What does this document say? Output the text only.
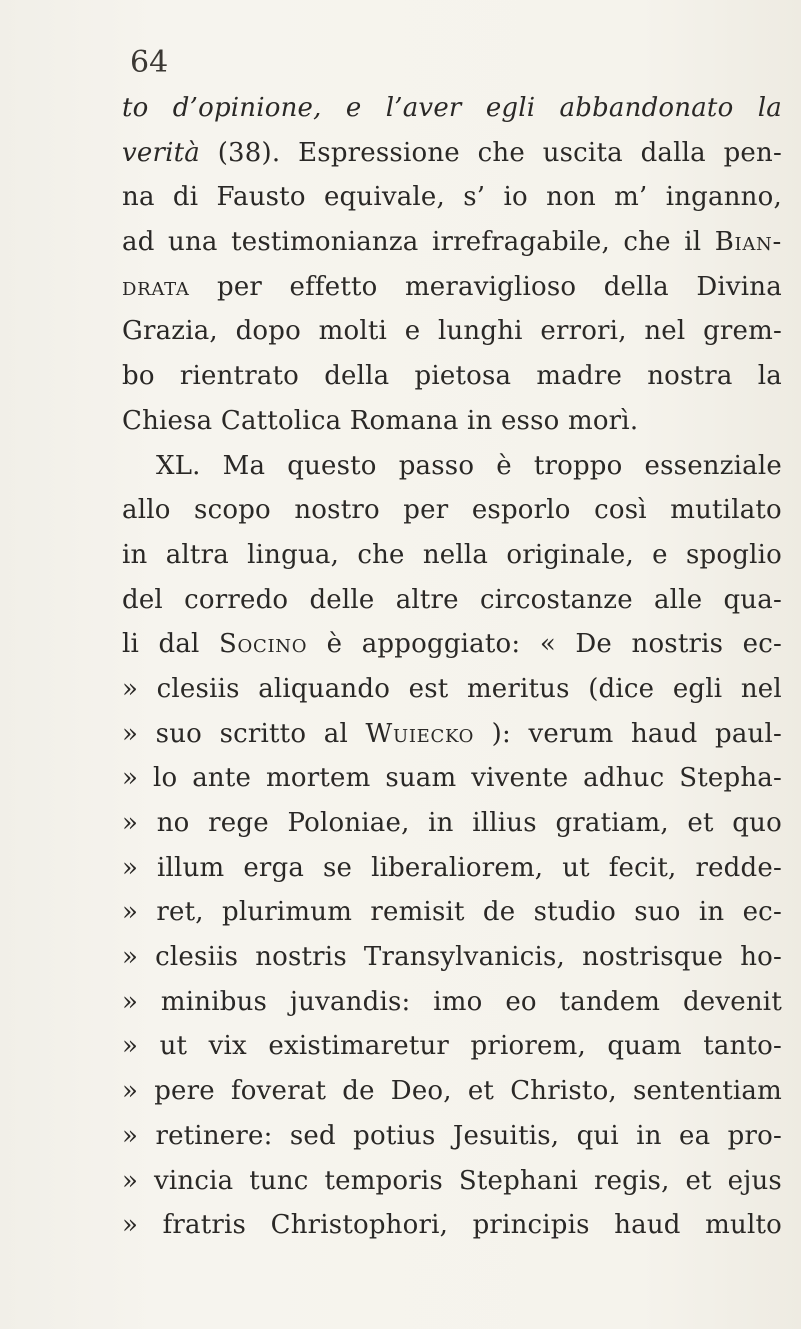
64
to d’opinione, e l’aver egli abbandonato la
verità (38). Espressione che uscita dalla pen-
na di Fausto equivale, s’ io non m’ inganno,
ad una testimonianza irrefragabile, che il Bian-
drata per effetto meraviglioso della Divina
Grazia, dopo molti e lunghi errori, nel grem-
bo rientrato della pietosa madre nostra la
Chiesa Cattolica Romana in esso morì.
XL. Ma questo passo è troppo essenziale
allo scopo nostro per esporlo così mutilato
in altra lingua, che nella originale, e spoglio
del corredo delle altre circostanze alle qua-
li dal Socino è appoggiato: « De nostris ec-
» clesiis aliquando est meritus (dice egli nel
» suo scritto al Wuiecko ): verum haud paul-
» lo ante mortem suam vivente adhuc Stepha-
» no rege Poloniae, in illius gratiam, et quo
» illum erga se liberaliorem, ut fecit, redde-
» ret, plurimum remisit de studio suo in ec-
» clesiis nostris Transylvanicis, nostrisque ho-
» minibus juvandis: imo eo tandem devenit
» ut vix existimaretur priorem, quam tanto-
» pere foverat de Deo, et Christo, sententiam
» retinere: sed potius Jesuitis, qui in ea pro-
» vincia tunc temporis Stephani regis, et ejus
» fratris Christophori, principis haud multo
